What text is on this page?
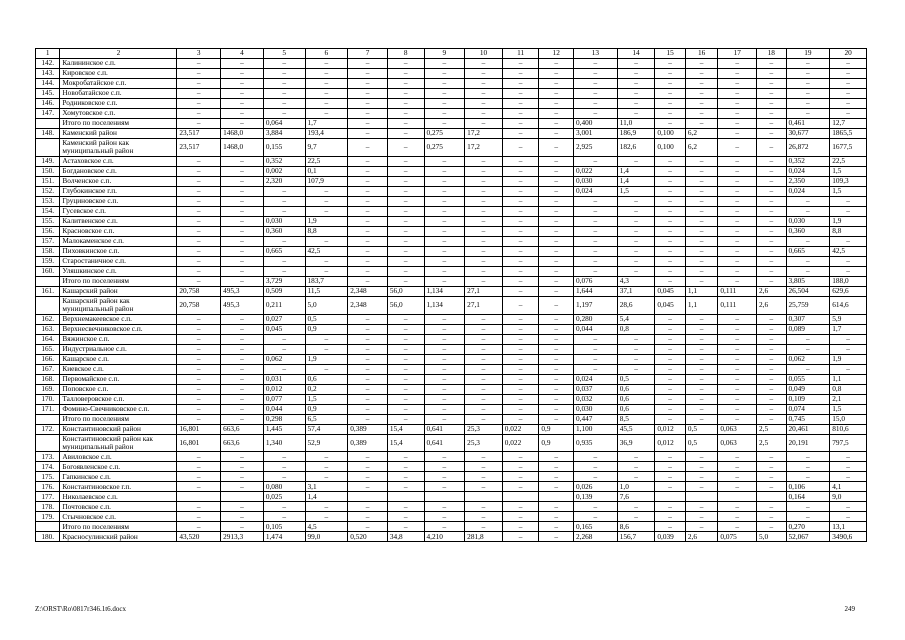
1	2	3	4	5	6	7	8	9	10	11	12	13	14	15	16	17	18	19	20
142.	Калининское с.п.	–	–	–	–	–	–	–	–	–	–	–	–	–	–	–	–	–	–
143.	Кировское с.п.	–	–	–	–	–	–	–	–	–	–	–	–	–	–	–	–	–	–
144.	Мокробатайское с.п.	–	–	–	–	–	–	–	–	–	–	–	–	–	–	–	–	–	–
145.	Новобатайское с.п.	–	–	–	–	–	–	–	–	–	–	–	–	–	–	–	–	–	–
146.	Родниковское с.п.	–	–	–	–	–	–	–	–	–	–	–	–	–	–	–	–	–	–
147.	Хомутовское с.п.	–	–	–	–	–	–	–	–	–	–	–	–	–	–	–	–	–	–
	Итого по поселениям	–	–	0,064	1,7	–	–	–	–	–	–	0,400	11,0	–	–	–	–	0,461	12,7
148.	Каменский район	23,517	1468,0	3,884	193,4	–	–	0,275	17,2	–	–	3,001	186,9	0,100	6,2	–	–	30,677	1865,5
	Каменский район как муниципальный район	23,517	1468,0	0,155	9,7	–	–	0,275	17,2	–	–	2,925	182,6	0,100	6,2	–	–	26,872	1677,5
149.	Астаховское с.п.	–	–	0,352	22,5	–	–	–	–	–	–	–	–	–	–	–	–	0,352	22,5
150.	Богдановское с.п.	–	–	0,002	0,1	–	–	–	–	–	–	0,022	1,4	–	–	–	–	0,024	1,5
151.	Волченское с.п.	–	–	2,320	107,9	–	–	–	–	–	–	0,030	1,4	–	–	–	–	2,350	109,3
152.	Глубокинское г.п.	–	–	–	–	–	–	–	–	–	–	0,024	1,5	–	–	–	–	0,024	1,5
153.	Груциновское с.п.	–	–	–	–	–	–	–	–	–	–	–	–	–	–	–	–	–	–
154.	Гусевское с.п.	–	–	–	–	–	–	–	–	–	–	–	–	–	–	–	–	–	–
155.	Калитвенское с.п.	–	–	0,030	1,9	–	–	–	–	–	–	–	–	–	–	–	–	0,030	1,9
156.	Красновское с.п.	–	–	0,360	8,8	–	–	–	–	–	–	–	–	–	–	–	–	0,360	8,8
157.	Малокаменское с.п.	–	–	–	–	–	–	–	–	–	–	–	–	–	–	–	–	–	–
158.	Пиховкинское с.п.	–	–	0,665	42,5	–	–	–	–	–	–	–	–	–	–	–	–	0,665	42,5
159.	Старостаничное с.п.	–	–	–	–	–	–	–	–	–	–	–	–	–	–	–	–	–	–
160.	Уляшкинское с.п.	–	–	–	–	–	–	–	–	–	–	–	–	–	–	–	–	–	–
	Итого по поселениям	–	–	3,729	183,7	–	–	–	–	–	–	0,076	4,3	–	–	–	–	3,805	188,0
161.	Кашарский район	20,758	495,3	0,509	11,5	2,348	56,0	1,134	27,1	–	–	1,644	37,1	0,045	1,1	0,111	2,6	26,504	629,6
	Кашарский район как муниципальный район	20,758	495,3	0,211	5,0	2,348	56,0	1,134	27,1	–	–	1,197	28,6	0,045	1,1	0,111	2,6	25,759	614,6
162.	Верхнемакеевское с.п.	–	–	0,027	0,5	–	–	–	–	–	–	0,280	5,4	–	–	–	–	0,307	5,9
163.	Верхнесвечниковское с.п.	–	–	0,045	0,9	–	–	–	–	–	–	0,044	0,8	–	–	–	–	0,089	1,7
164.	Вяжинское с.п.	–	–	–	–	–	–	–	–	–	–	–	–	–	–	–	–	–	–
165.	Индустриальное с.п.	–	–	–	–	–	–	–	–	–	–	–	–	–	–	–	–	–	–
166.	Кашарское с.п.	–	–	0,062	1,9	–	–	–	–	–	–	–	–	–	–	–	–	0,062	1,9
167.	Киевское с.п.	–	–	–	–	–	–	–	–	–	–	–	–	–	–	–	–	–	–
168.	Первомайское с.п.	–	–	0,031	0,6	–	–	–	–	–	–	0,024	0,5	–	–	–	–	0,055	1,1
169.	Поповское с.п.	–	–	0,012	0,2	–	–	–	–	–	–	0,037	0,6	–	–	–	–	0,049	0,8
170.	Талловеровское с.п.	–	–	0,077	1,5	–	–	–	–	–	–	0,032	0,6	–	–	–	–	0,109	2,1
171.	Фомино-Свечниковское с.п.	–	–	0,044	0,9	–	–	–	–	–	–	0,030	0,6	–	–	–	–	0,074	1,5
	Итого по поселениям	–	–	0,298	6,5	–	–	–	–	–	–	0,447	8,5	–	–	–	–	0,745	15,0
172.	Константиновский район	16,801	663,6	1,445	57,4	0,389	15,4	0,641	25,3	0,022	0,9	1,100	45,5	0,012	0,5	0,063	2,5	20,461	810,6
	Константиновский район как муниципальный район	16,801	663,6	1,340	52,9	0,389	15,4	0,641	25,3	0,022	0,9	0,935	36,9	0,012	0,5	0,063	2,5	20,191	797,5
173.	Авиловское с.п.	–	–	–	–	–	–	–	–	–	–	–	–	–	–	–	–	–	–
174.	Богоявленское с.п.	–	–	–	–	–	–	–	–	–	–	–	–	–	–	–	–	–	–
175.	Гапкинское с.п.	–	–	–	–	–	–	–	–	–	–	–	–	–	–	–	–	–	–
176.	Константиновское г.п.	–	–	0,080	3,1	–	–	–	–	–	–	0,026	1,0	–	–	–	–	0,106	4,1
177.	Николаевское с.п.			0,025	1,4							0,139	7,6					0,164	9,0
178.	Почтовское с.п.	–	–	–	–	–	–	–	–	–	–	–	–	–	–	–	–	–	–
179.	Стычновское с.п.	–	–	–	–	–	–	–	–	–	–	–	–	–	–	–	–	–	–
	Итого по поселениям	–	–	0,105	4,5	–	–	–	–	–	–	0,165	8,6	–	–	–	–	0,270	13,1
180.	Красносулинский район	43,520	2913,3	1,474	99,0	0,520	34,8	4,210	281,8	–	–	2,268	156,7	0,039	2,6	0,075	5,0	52,067	3490,6
Z:\ORST\Ro\0817r346.1t6.docx	249
